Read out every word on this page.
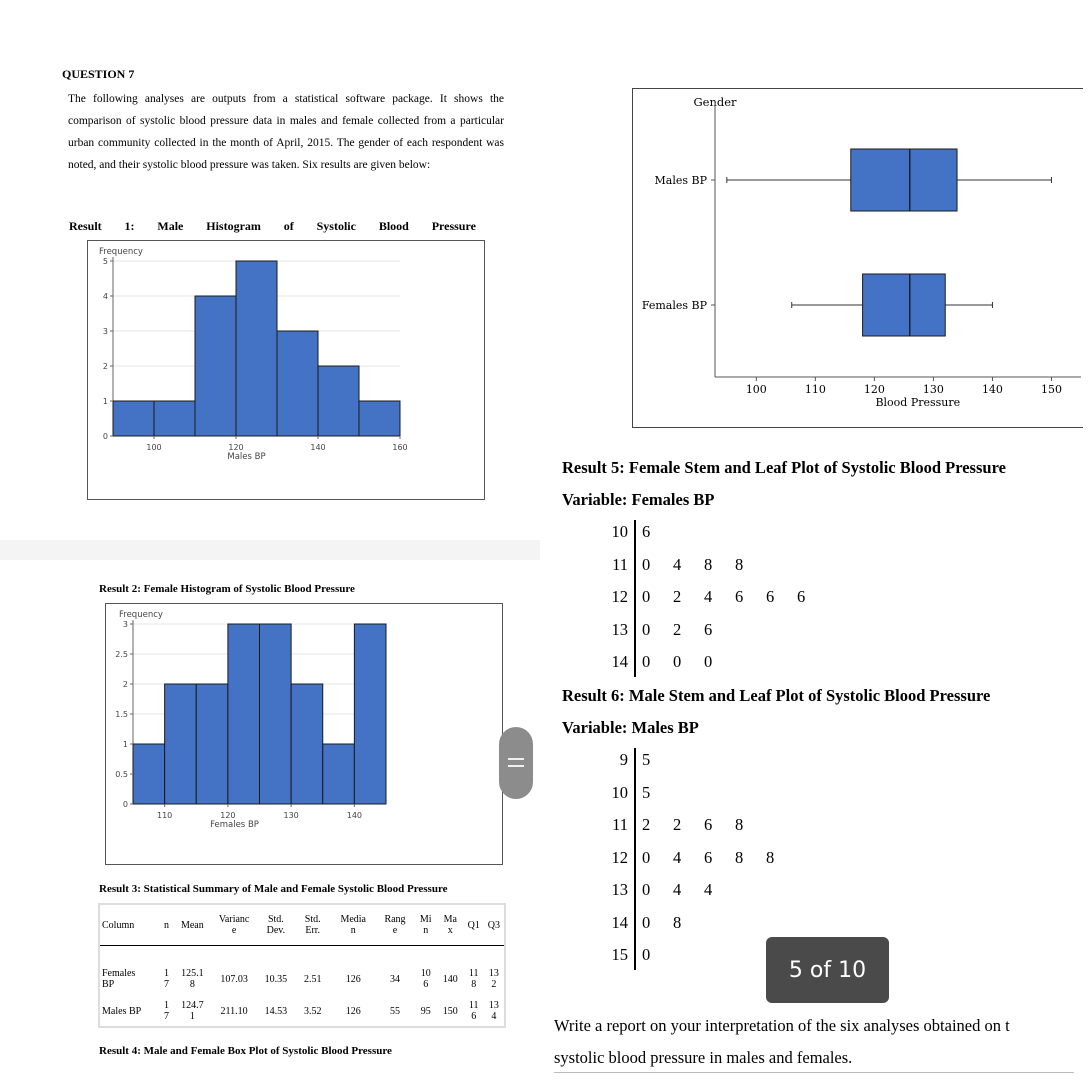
QUESTION 7
The following analyses are outputs from a statistical software package. It shows the comparison of systolic blood pressure data in males and female collected from a particular urban community collected in the month of April, 2015. The gender of each respondent was noted, and their systolic blood pressure was taken. Six results are given below:
Result 1: Male Histogram of Systolic Blood Pressure
0
1
2
3
4
5
100	120	140	160
Frequency
Males BP
Result 2: Female Histogram of Systolic Blood Pressure
0
0.5
1
1.5
2
2.5
3
110	120	130	140
Frequency
Females BP
Result 3: Statistical Summary of Male and Female Systolic Blood Pressure
Column	n	Mean	Varianc e	Std. Dev.	Std. Err.	Media n	Rang e	Mi n	Ma x	Q1	Q3
Females BP	1 7	125.1 8	107.03	10.35	2.51	126	34	10 6	140	11 8	13 2
Males BP	1 7	124.7 1	211.10	14.53	3.52	126	55	95	150	11 6	13 4
Result 4: Male and Female Box Plot of Systolic Blood Pressure
Gender
Males BP
Females BP
100	110	120	130	140	150
Blood Pressure
Result 5: Female Stem and Leaf Plot of Systolic Blood Pressure
Variable: Females BP
10 6
11 0 4 8 8
12 0 2 4 6 6 6
13 0 2 6
14 0 0 0
Result 6: Male Stem and Leaf Plot of Systolic Blood Pressure
Variable: Males BP
9 5
10 5
11 2 2 6 8
12 0 4 6 8 8
13 0 4 4
14 0 8
15 0
5 of 10
Write a report on your interpretation of the six analyses obtained on t
systolic blood pressure in males and females.
